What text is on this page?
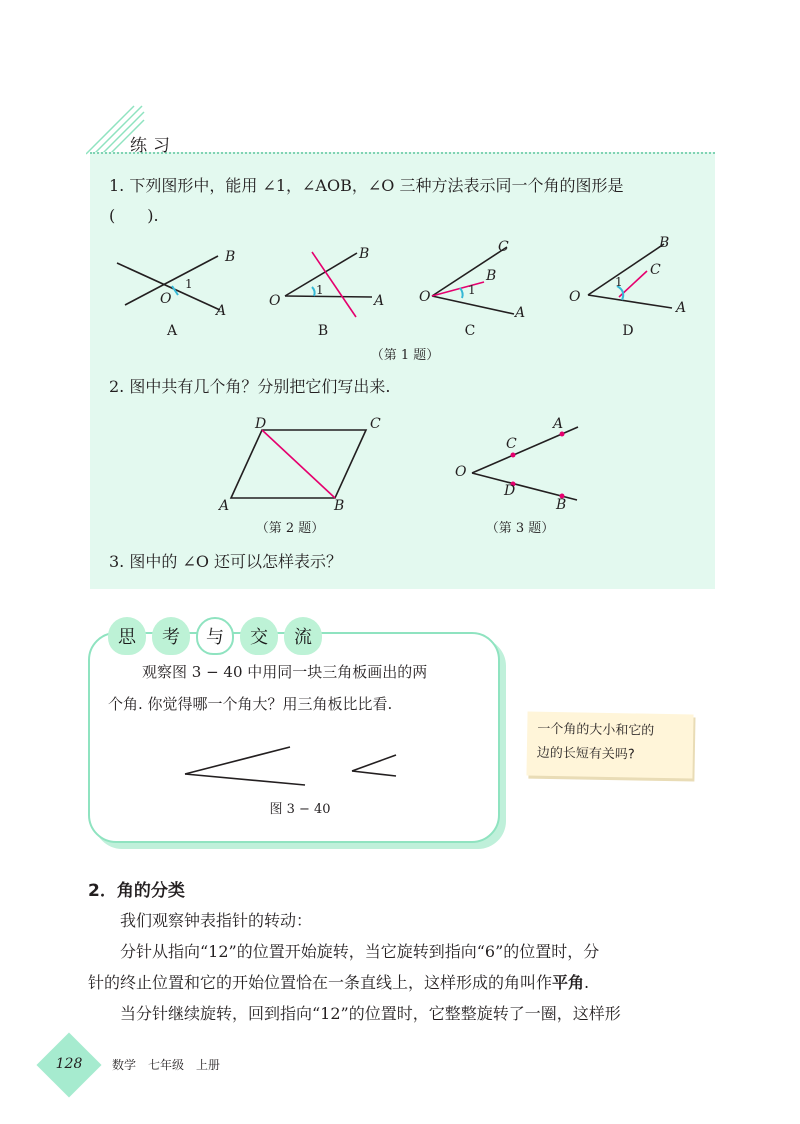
练习
1. 下列图形中，能用 ∠1，∠AOB，∠O 三种方法表示同一个角的图形是
(　　).
B
O
1
A
B
O
1
A
C
B
O	1
A
B
C
O
1
A
A	B	C	D
（第 1 题）
2. 图中共有几个角？分别把它们写出来.
D	C
A	B
A
C
O
D
B
（第 2 题）	（第 3 题）
3. 图中的 ∠O 还可以怎样表示？
思	考	与	交	流
观察图 3 − 40 中用同一块三角板画出的两
个角. 你觉得哪一个角大？用三角板比比看.
图 3 − 40
一个角的大小和它的
边的长短有关吗?
2．角的分类
我们观察钟表指针的转动：
分针从指向“12”的位置开始旋转，当它旋转到指向“6”的位置时，分
针的终止位置和它的开始位置恰在一条直线上，这样形成的角叫作平角.
当分针继续旋转，回到指向“12”的位置时，它整整旋转了一圈，这样形
128	数学　七年级　上册
